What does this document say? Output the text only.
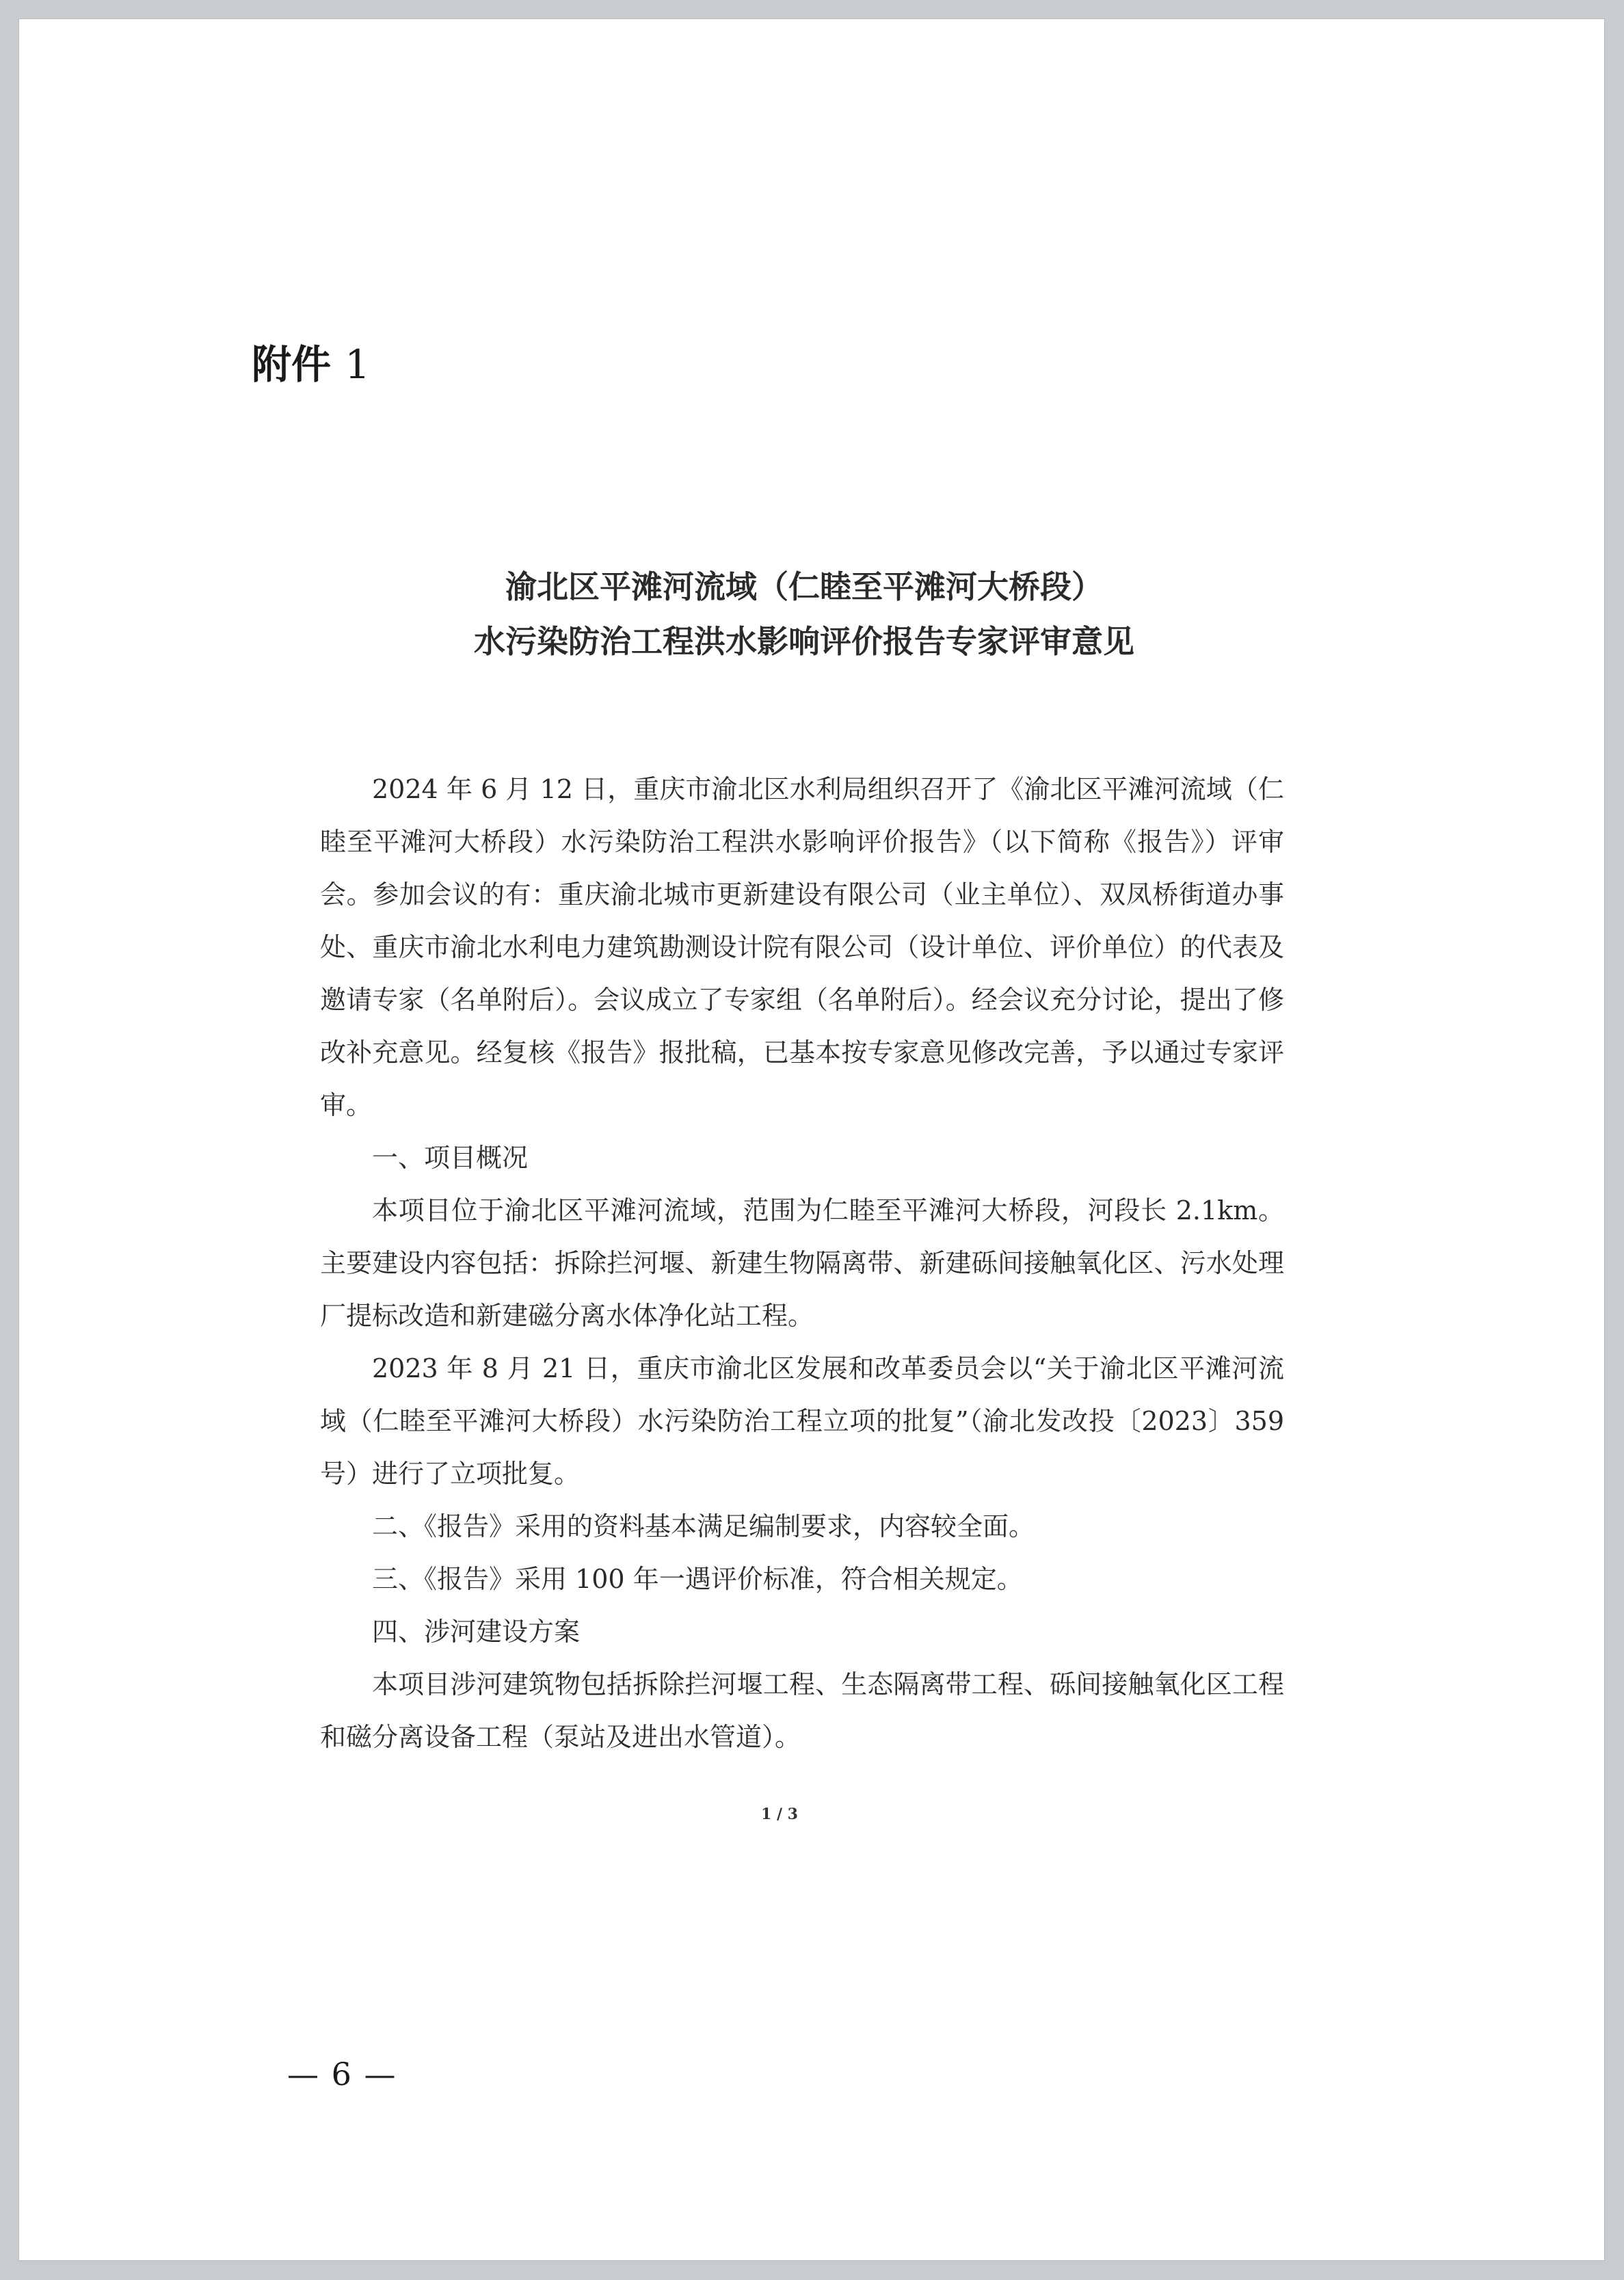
附件 1
渝北区平滩河流域（仁睦至平滩河大桥段）
水污染防治工程洪水影响评价报告专家评审意见

2024 年 6 月 12 日，重庆市渝北区水利局组织召开了《渝北区平滩河流域（仁睦至平滩河大桥段）水污染防治工程洪水影响评价报告》（以下简称《报告》）评审会。参加会议的有：重庆渝北城市更新建设有限公司（业主单位）、双凤桥街道办事处、重庆市渝北水利电力建筑勘测设计院有限公司（设计单位、评价单位）的代表及邀请专家（名单附后）。会议成立了专家组（名单附后）。经会议充分讨论，提出了修改补充意见。经复核《报告》报批稿，已基本按专家意见修改完善，予以通过专家评审。

一、项目概况

本项目位于渝北区平滩河流域，范围为仁睦至平滩河大桥段，河段长 2.1km。主要建设内容包括：拆除拦河堰、新建生物隔离带、新建砾间接触氧化区、污水处理厂提标改造和新建磁分离水体净化站工程。

2023 年 8 月 21 日，重庆市渝北区发展和改革委员会以“关于渝北区平滩河流域（仁睦至平滩河大桥段）水污染防治工程立项的批复”（渝北发改投〔2023〕359 号）进行了立项批复。

二、《报告》采用的资料基本满足编制要求，内容较全面。

三、《报告》采用 100 年一遇评价标准，符合相关规定。

四、涉河建设方案

本项目涉河建筑物包括拆除拦河堰工程、生态隔离带工程、砾间接触氧化区工程和磁分离设备工程（泵站及进出水管道）。

1 / 3
— 6 —
